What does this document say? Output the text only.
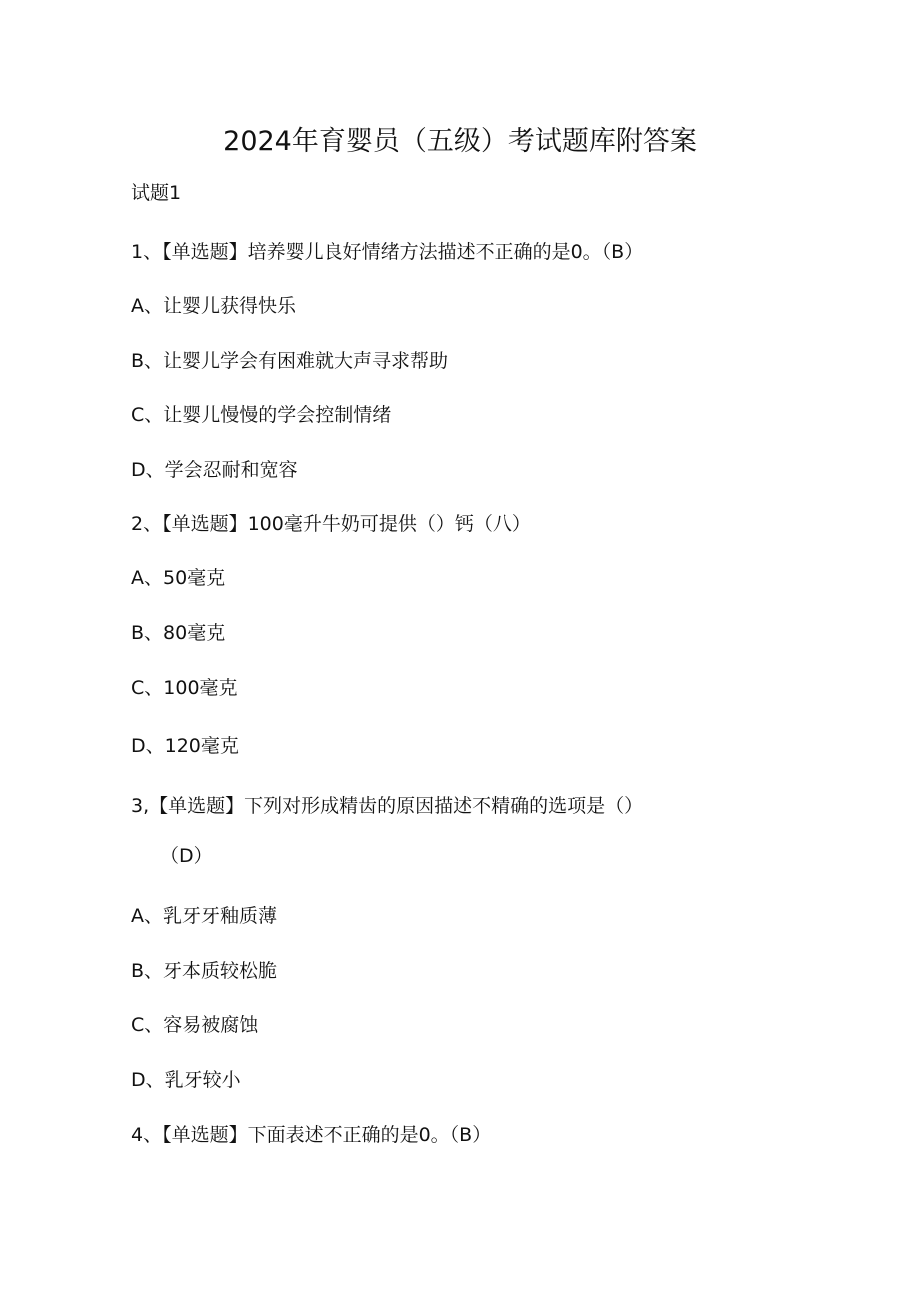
2024年育婴员（五级）考试题库附答案
试题1
1、【单选题】培养婴儿良好情绪方法描述不正确的是0。（B）
A、让婴儿获得快乐
B、让婴儿学会有困难就大声寻求帮助
C、让婴儿慢慢的学会控制情绪
D、学会忍耐和宽容
2、【单选题】100毫升牛奶可提供（）钙（八）
A、50毫克
B、80毫克
C、100毫克
D、120毫克
3,【单选题】下列对形成精齿的原因描述不精确的选项是（）
（D）
A、乳牙牙釉质薄
B、牙本质较松脆
C、容易被腐蚀
D、乳牙较小
4、【单选题】下面表述不正确的是0。（B）
